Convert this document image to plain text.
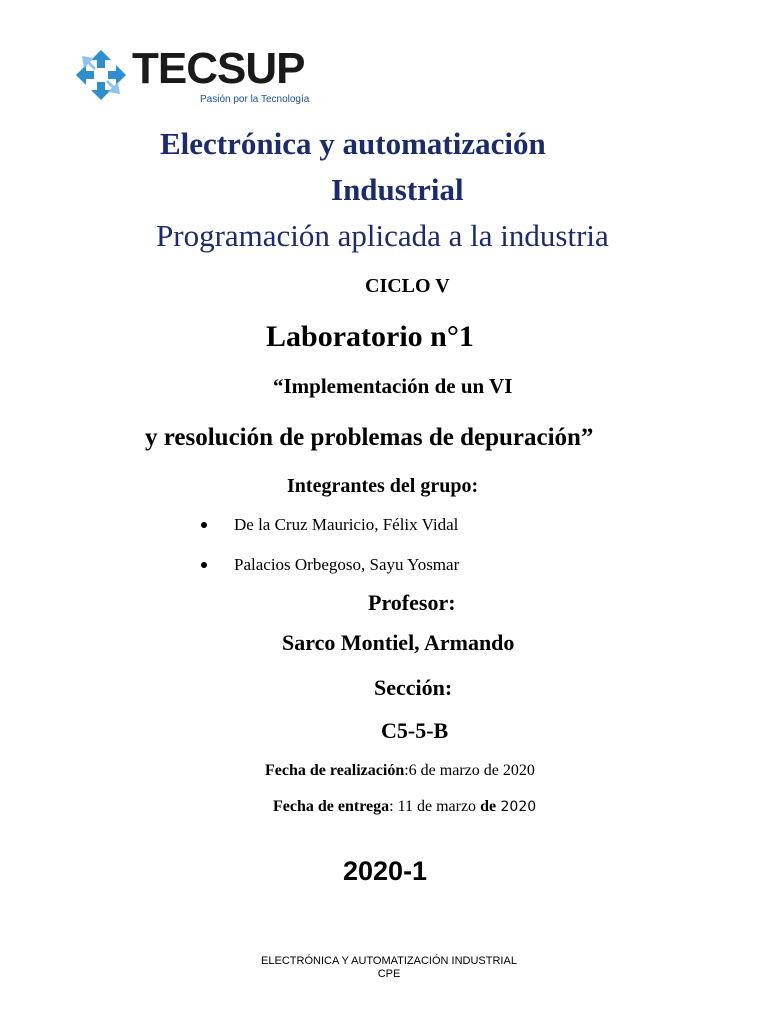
TECSUP
Pasión por la Tecnología
Electrónica y automatización
Industrial
Programación aplicada a la industria
CICLO V
Laboratorio n°1
“Implementación de un VI
y resolución de problemas de depuración”
Integrantes del grupo:
De la Cruz Mauricio, Félix Vidal
Palacios Orbegoso, Sayu Yosmar
Profesor:
Sarco Montiel, Armando
Sección:
C5-5-B
Fecha de realización:6 de marzo de 2020
Fecha de entrega: 11 de marzo de 2020
2020-1
ELECTRÓNICA Y AUTOMATIZACIÓN INDUSTRIAL
CPE
